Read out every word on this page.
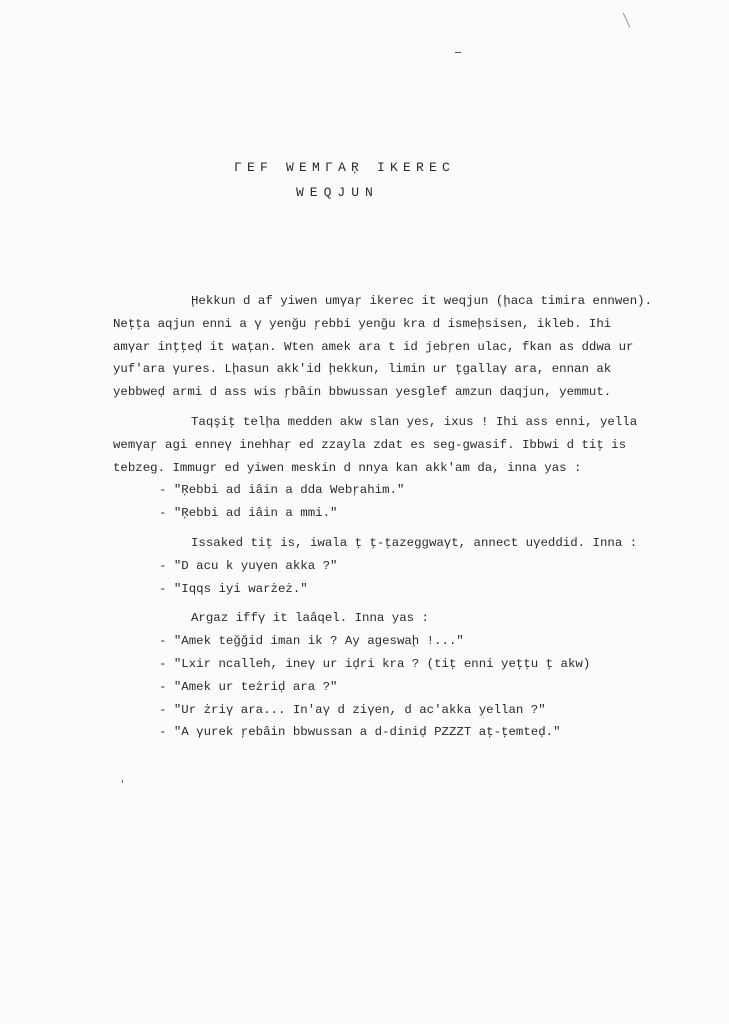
ΓEF WEMΓAŖ IKEREC
WEQJUN
Ḩekkun d af yiwen umγaŗ ikerec it weqjun (ḩaca timira ennwen).
Neţţa aqjun enni a γ yenğu ŗebbi yenğu kra d ismeḩsisen, ikleb. Ihi
amγar inţţeḑ it waţan. Wten amek ara t id jebŗen ulac, fkan as ddwa ur
yuf'ara γures. Lḩasun akk'id ḩekkun, limin ur ţgallaγ ara, ennan ak
yebbweḑ armi d ass wis ŗbâin bbwussan yesglef amzun daqjun, yemmut.
Taqşiţ telḩa medden akw slan yes, ixus ! Ihi ass enni, yella
wemγaŗ agi enneγ inehhaŗ ed zzayla zdat es seg-gwasif. Ibbwi d tiţ is
tebzeg. Immugr ed yiwen meskin d nnya kan akk'am da, inna yas :
- "Ŗebbi ad iâin a dda Webŗahim."
- "Ŗebbi ad iâin a mmi."
Issaked tiţ is, iwala ţ ţ-ţazeggwaγt, annect uγeddid. Inna :
- "D acu k yuγen akka ?"
- "Iqqs iyi warżeż."
Argaz iffγ it laâqel. Inna yas :
- "Amek teğğid iman ik ? Ay ageswaḩ !..."
- "Lxir ncalleh, ineγ ur iḑri kra ? (tiţ enni yeţţu ţ akw)
- "Amek ur teżriḑ ara ?"
- "Ur żriγ ara... In'aγ d ziγen, d ac'akka yellan ?"
- "A γurek ŗebâin bbwussan a d-diniḑ PZZZT aţ-ţemteḑ."
